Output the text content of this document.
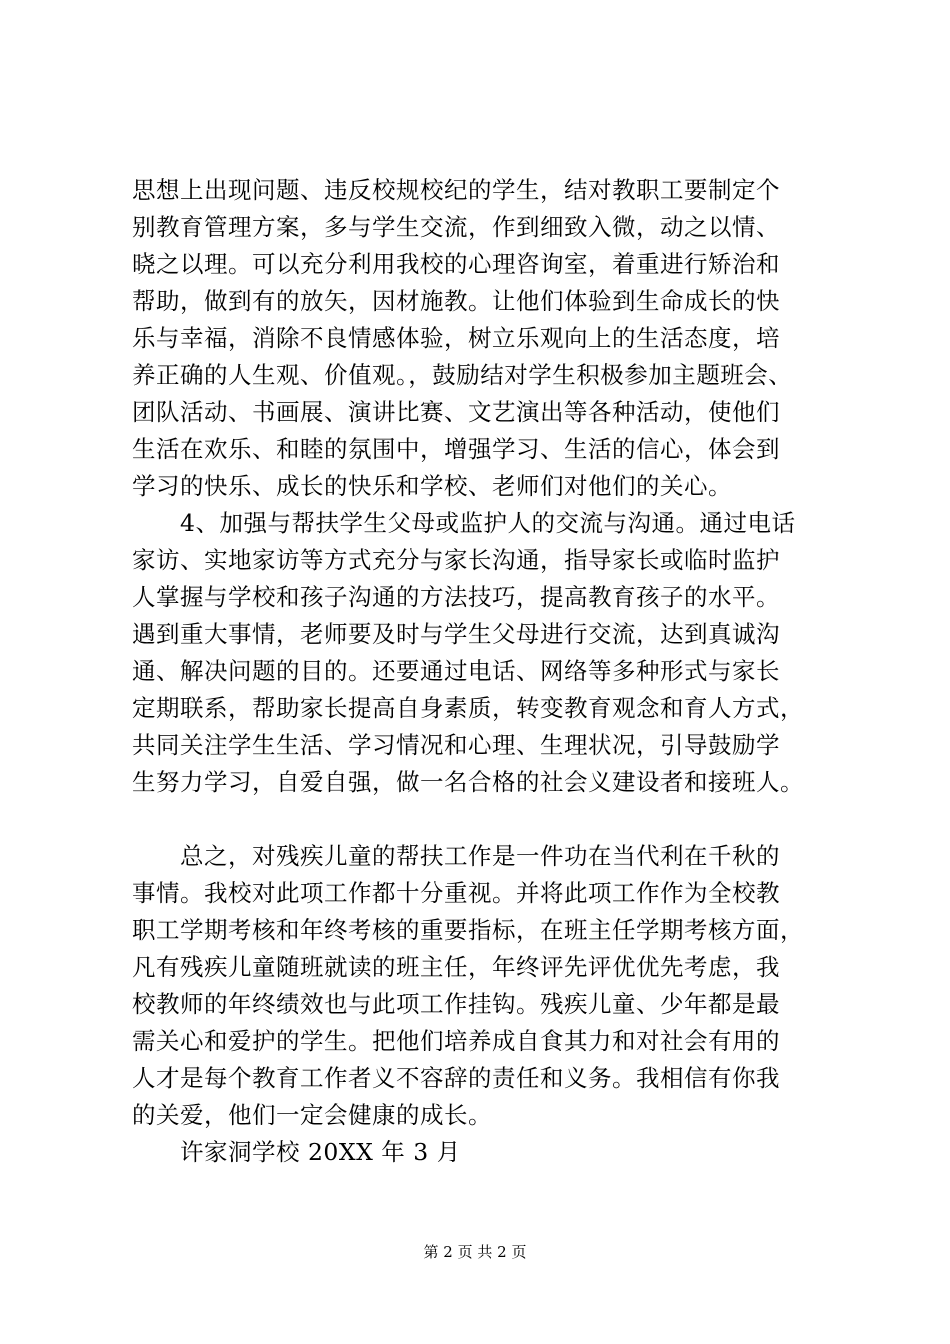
思想上出现问题、违反校规校纪的学生，结对教职工要制定个
别教育管理方案，多与学生交流，作到细致入微，动之以情、
晓之以理。可以充分利用我校的心理咨询室，着重进行矫治和
帮助，做到有的放矢，因材施教。让他们体验到生命成长的快
乐与幸福，消除不良情感体验，树立乐观向上的生活态度，培
养正确的人生观、价值观。，鼓励结对学生积极参加主题班会、
团队活动、书画展、演讲比赛、文艺演出等各种活动，使他们
生活在欢乐、和睦的氛围中，增强学习、生活的信心，体会到
学习的快乐、成长的快乐和学校、老师们对他们的关心。
　　4、加强与帮扶学生父母或监护人的交流与沟通。通过电话
家访、实地家访等方式充分与家长沟通，指导家长或临时监护
人掌握与学校和孩子沟通的方法技巧，提高教育孩子的水平。
遇到重大事情，老师要及时与学生父母进行交流，达到真诚沟
通、解决问题的目的。还要通过电话、网络等多种形式与家长
定期联系，帮助家长提高自身素质，转变教育观念和育人方式，
共同关注学生生活、学习情况和心理、生理状况，引导鼓励学
生努力学习，自爱自强，做一名合格的社会义建设者和接班人。
　　总之，对残疾儿童的帮扶工作是一件功在当代利在千秋的
事情。我校对此项工作都十分重视。并将此项工作作为全校教
职工学期考核和年终考核的重要指标，在班主任学期考核方面，
凡有残疾儿童随班就读的班主任，年终评先评优优先考虑，我
校教师的年终绩效也与此项工作挂钩。残疾儿童、少年都是最
需关心和爱护的学生。把他们培养成自食其力和对社会有用的
人才是每个教育工作者义不容辞的责任和义务。我相信有你我
的关爱，他们一定会健康的成长。
　　许家洞学校 20XX 年 3 月
第 2 页 共 2 页
